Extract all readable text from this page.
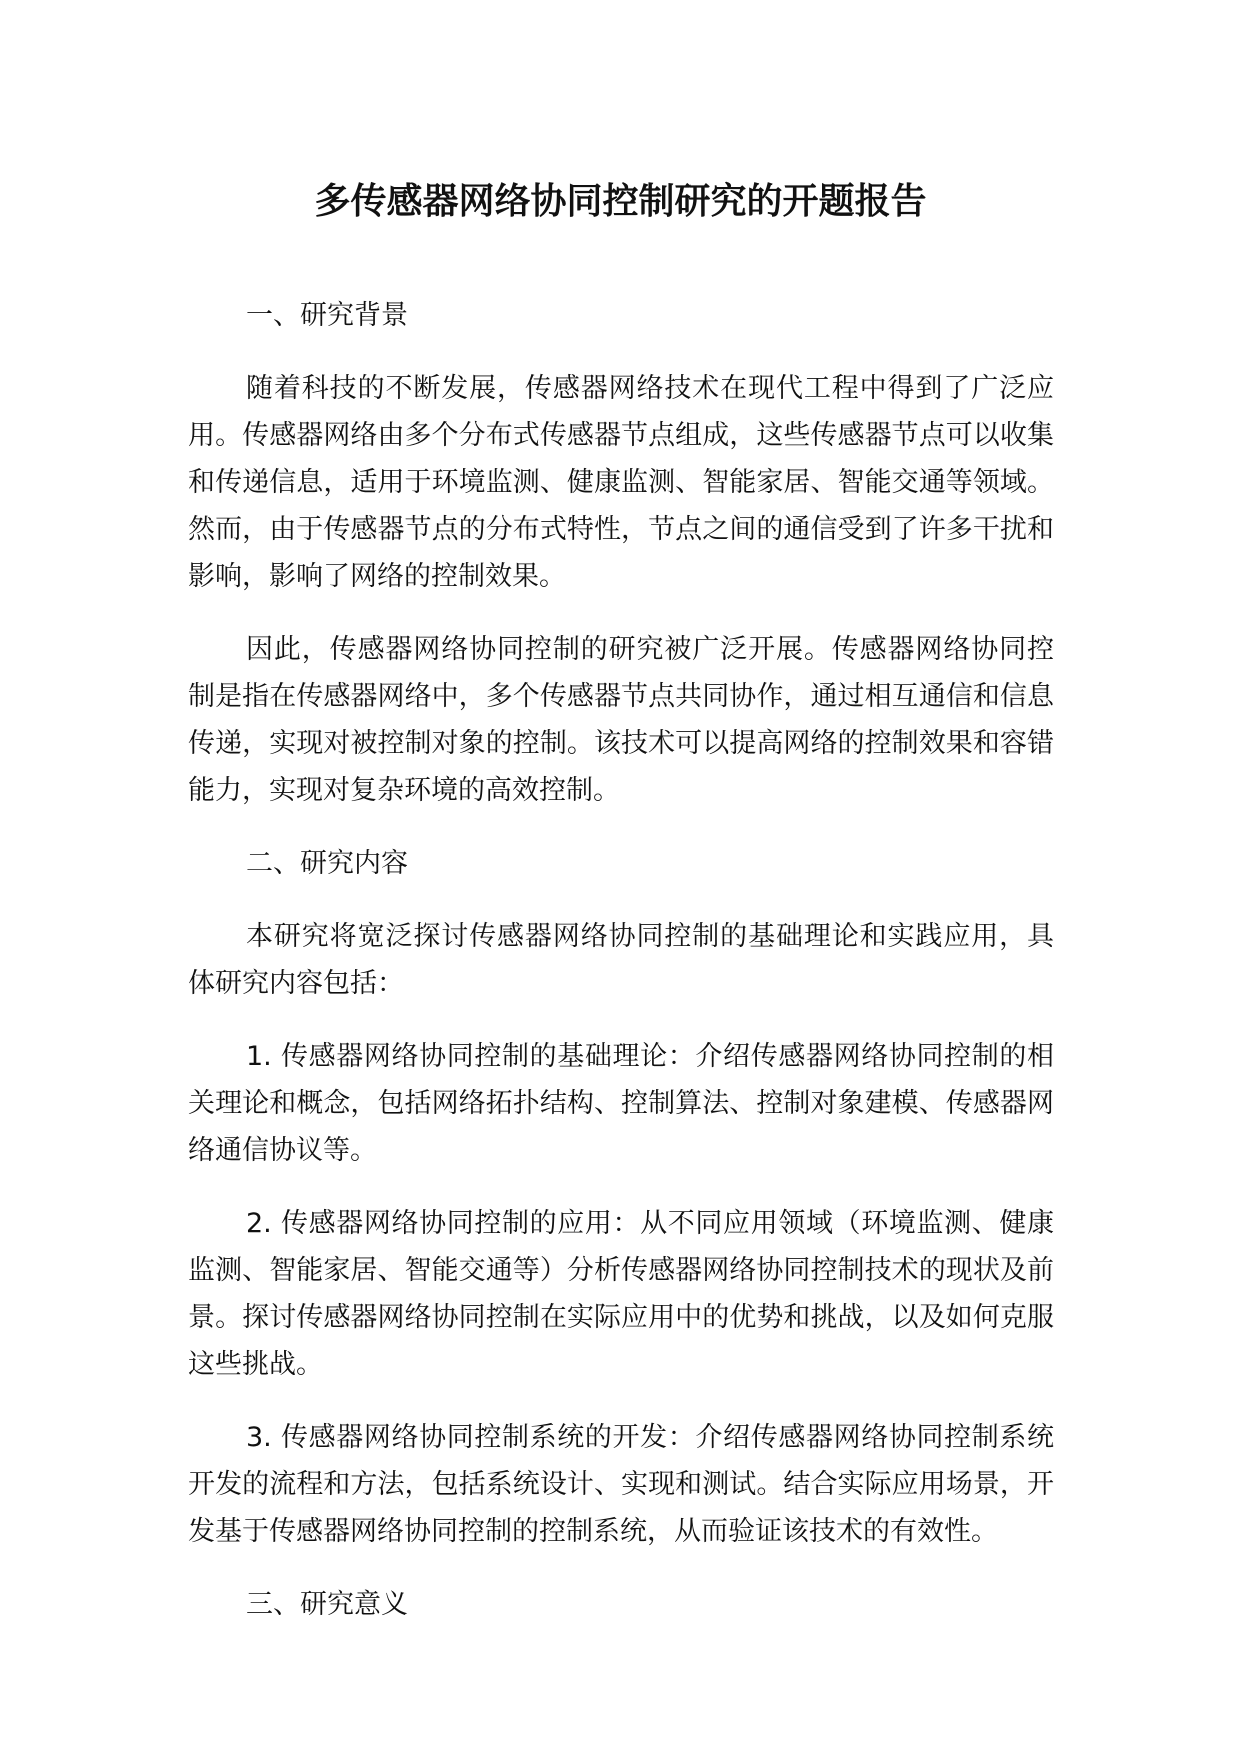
多传感器网络协同控制研究的开题报告

一、研究背景

随着科技的不断发展，传感器网络技术在现代工程中得到了广泛应用。传感器网络由多个分布式传感器节点组成，这些传感器节点可以收集和传递信息，适用于环境监测、健康监测、智能家居、智能交通等领域。然而，由于传感器节点的分布式特性，节点之间的通信受到了许多干扰和影响，影响了网络的控制效果。

因此，传感器网络协同控制的研究被广泛开展。传感器网络协同控制是指在传感器网络中，多个传感器节点共同协作，通过相互通信和信息传递，实现对被控制对象的控制。该技术可以提高网络的控制效果和容错能力，实现对复杂环境的高效控制。

二、研究内容

本研究将宽泛探讨传感器网络协同控制的基础理论和实践应用，具体研究内容包括：

1. 传感器网络协同控制的基础理论：介绍传感器网络协同控制的相关理论和概念，包括网络拓扑结构、控制算法、控制对象建模、传感器网络通信协议等。

2. 传感器网络协同控制的应用：从不同应用领域（环境监测、健康监测、智能家居、智能交通等）分析传感器网络协同控制技术的现状及前景。探讨传感器网络协同控制在实际应用中的优势和挑战，以及如何克服这些挑战。

3. 传感器网络协同控制系统的开发：介绍传感器网络协同控制系统开发的流程和方法，包括系统设计、实现和测试。结合实际应用场景，开发基于传感器网络协同控制的控制系统，从而验证该技术的有效性。

三、研究意义
